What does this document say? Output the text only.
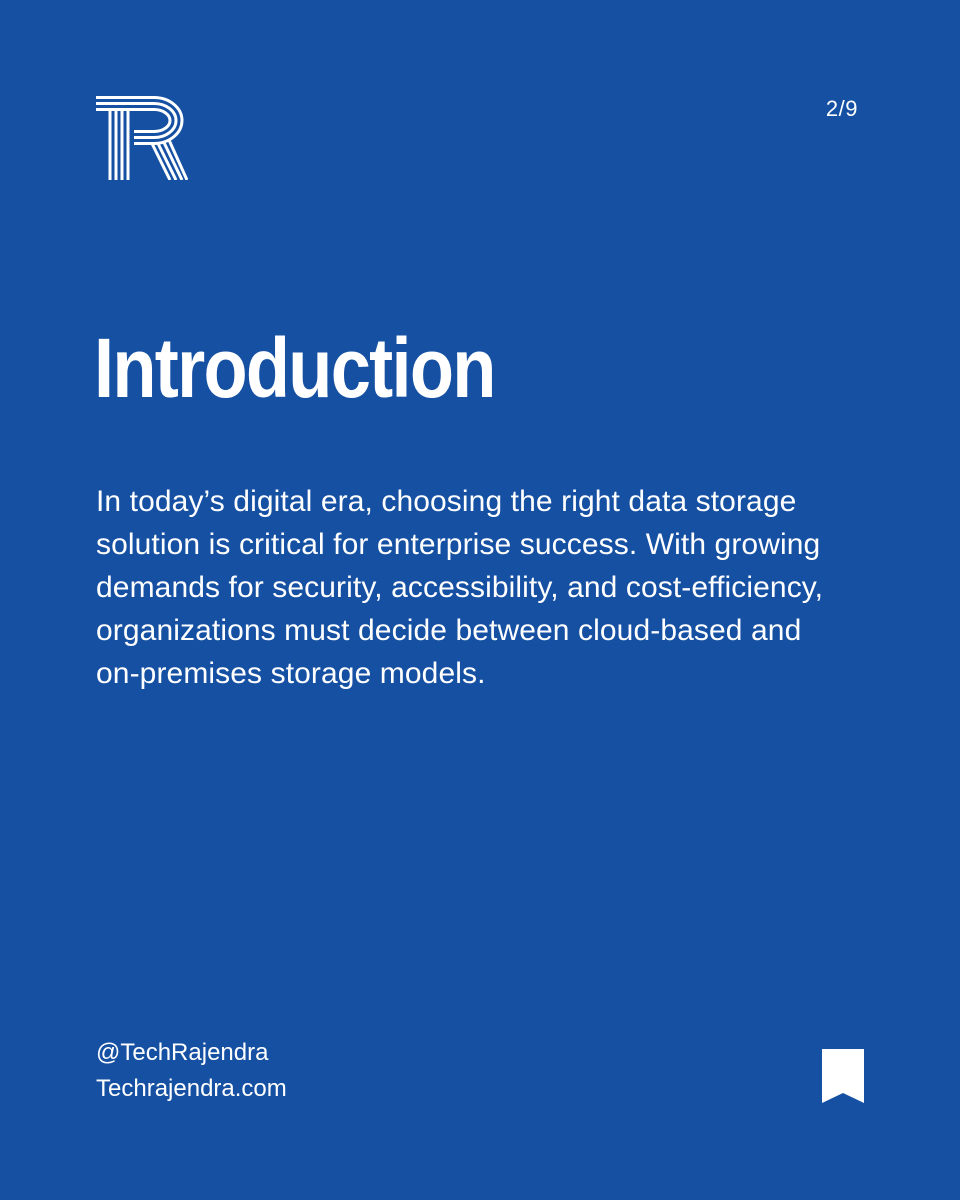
2/9
Introduction

In today’s digital era, choosing the right data storage solution is critical for enterprise success. With growing demands for security, accessibility, and cost-efficiency, organizations must decide between cloud-based and on-premises storage models.

@TechRajendra
Techrajendra.com
